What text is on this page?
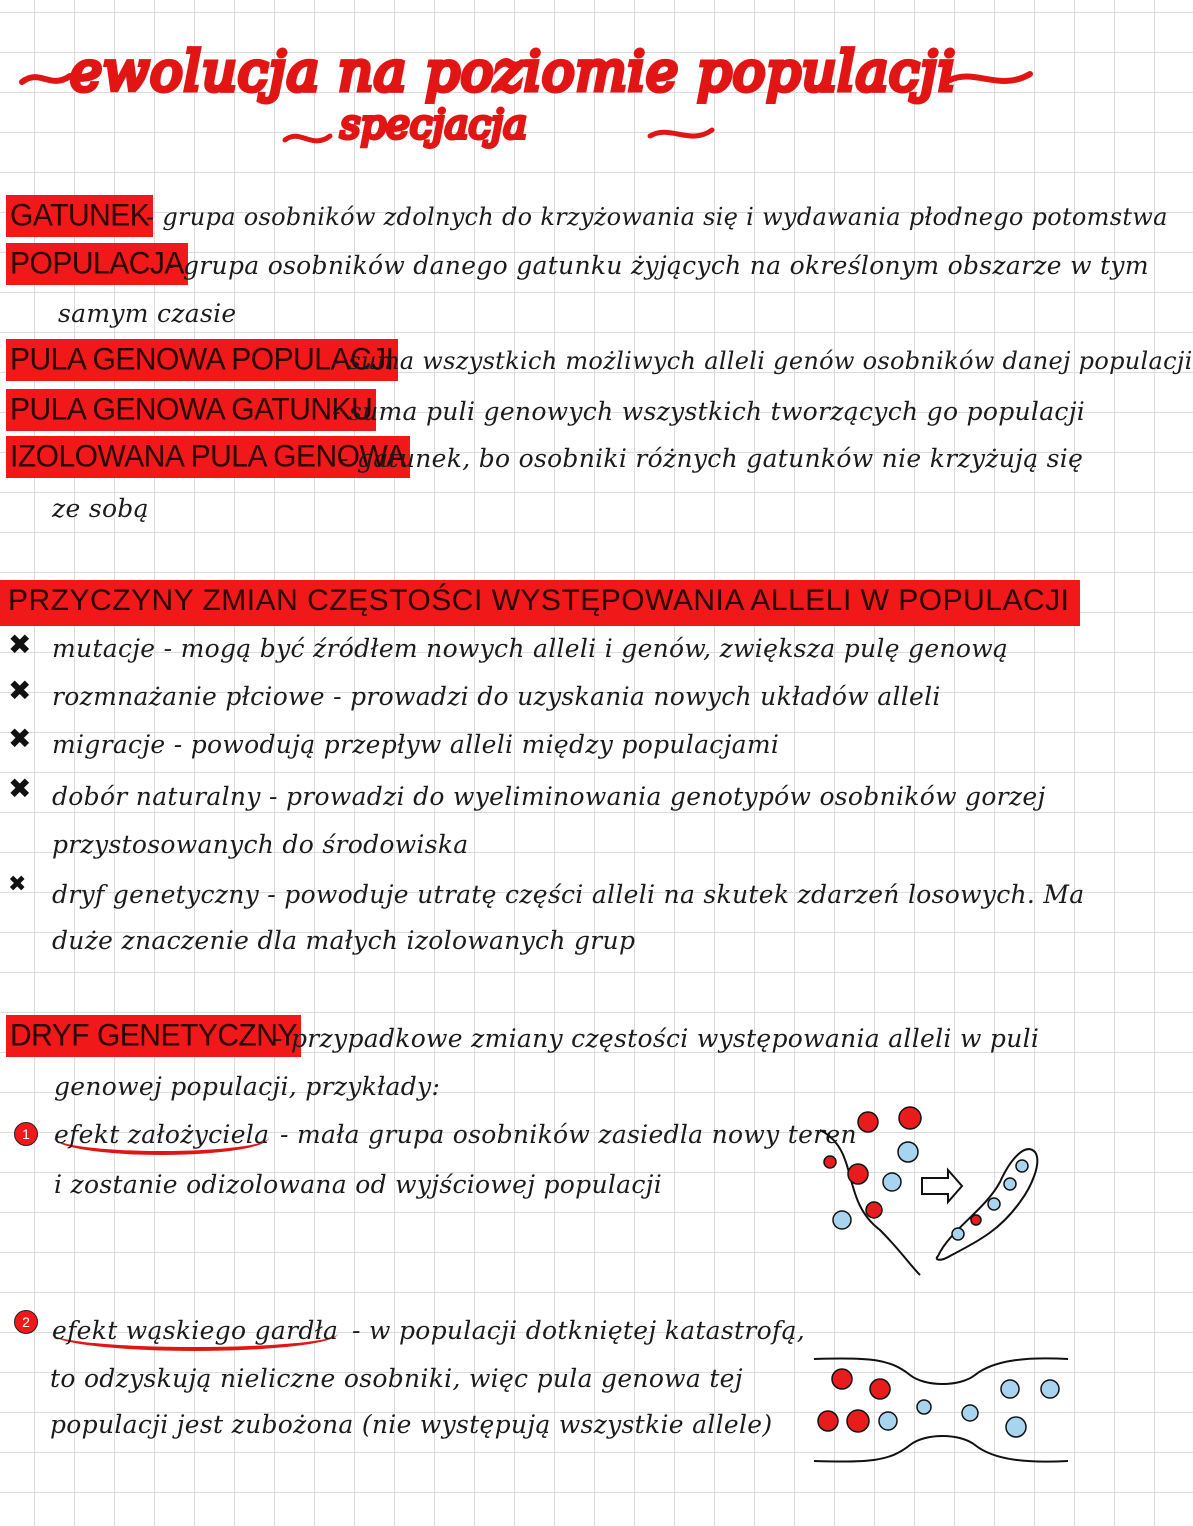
ewolucja na poziomie populacji
specjacja
GATUNEK
- grupa osobników zdolnych do krzyżowania się i wydawania płodnego potomstwa
POPULACJA
- grupa osobników danego gatunku żyjących na określonym obszarze w tym
samym czasie
PULA GENOWA POPULACJI
- suma wszystkich możliwych alleli genów osobników danej populacji
PULA GENOWA GATUNKU
- suma puli genowych wszystkich tworzących go populacji
IZOLOWANA PULA GENOWA
- gatunek, bo osobniki różnych gatunków nie krzyżują się
ze sobą
PRZYCZYNY ZMIAN CZĘSTOŚCI WYSTĘPOWANIA ALLELI W POPULACJI
✖ mutacje - mogą być źródłem nowych alleli i genów, zwiększa pulę genową
✖ rozmnażanie płciowe - prowadzi do uzyskania nowych układów alleli
✖ migracje - powodują przepływ alleli między populacjami
✖ dobór naturalny - prowadzi do wyeliminowania genotypów osobników gorzej
przystosowanych do środowiska
✖ dryf genetyczny - powoduje utratę części alleli na skutek zdarzeń losowych. Ma
duże znaczenie dla małych izolowanych grup
DRYF GENETYCZNY
- przypadkowe zmiany częstości występowania alleli w puli
genowej populacji, przykłady:
1 efekt założyciela - mała grupa osobników zasiedla nowy teren
i zostanie odizolowana od wyjściowej populacji
2 efekt wąskiego gardła - w populacji dotkniętej katastrofą,
to odzyskują nieliczne osobniki, więc pula genowa tej
populacji jest zubożona (nie występują wszystkie allele)
